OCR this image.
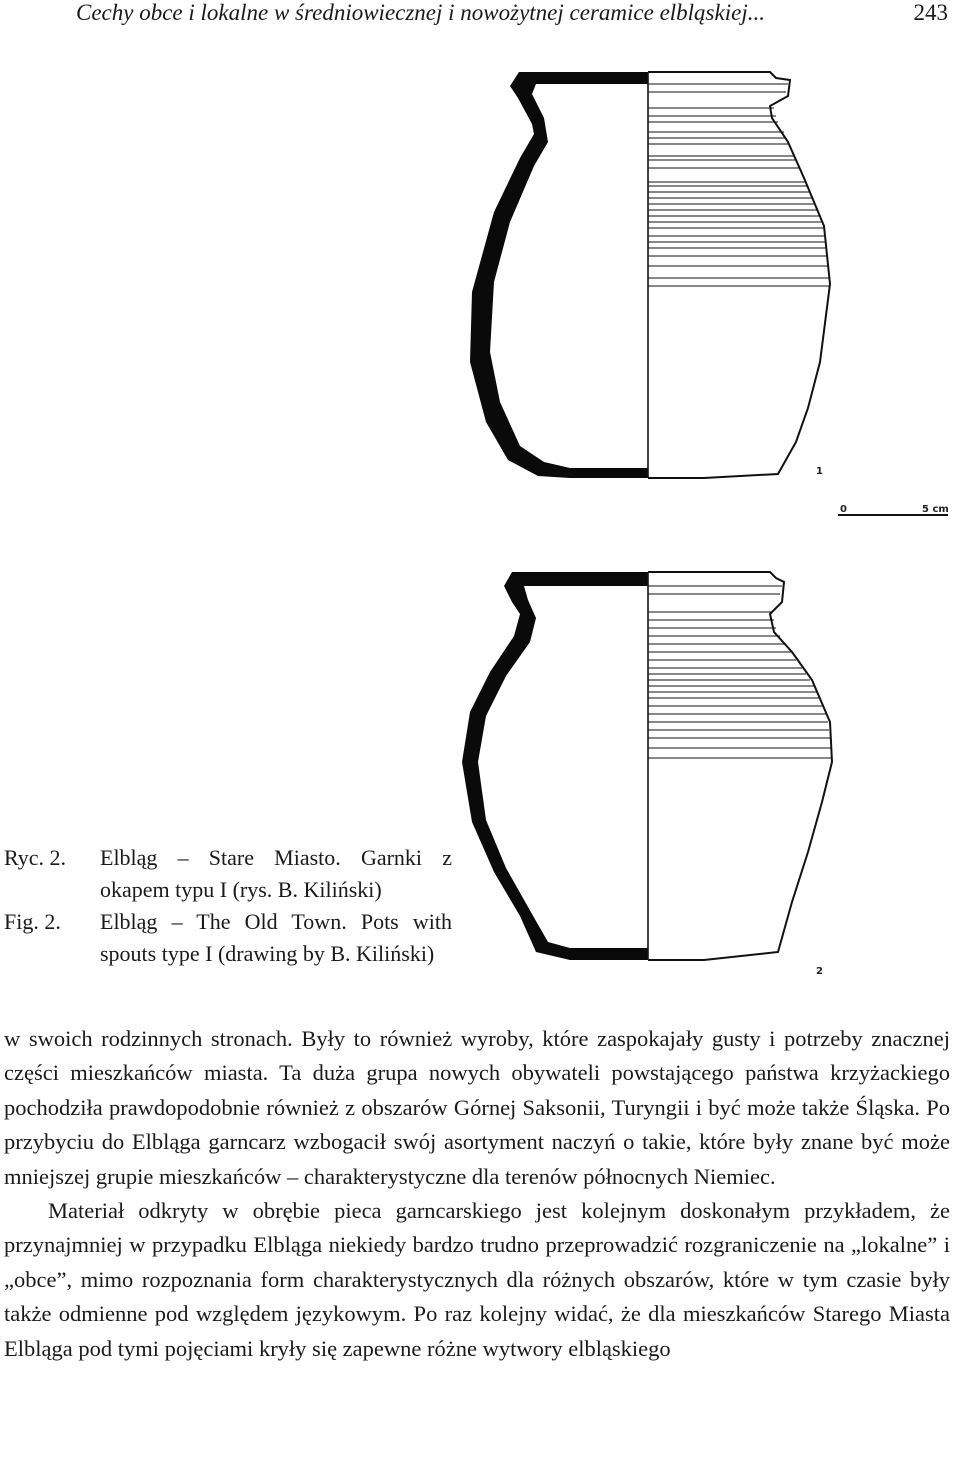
Cechy obce i lokalne w średniowiecznej i nowożytnej ceramice elbląskiej...	243
1
0	5 cm
2
Ryc. 2.	Elbląg – Stare Miasto. Garnki z okapem typu I (rys. B. Kiliński)
Fig. 2.	Elbląg – The Old Town. Pots with spouts type I (drawing by B. Kiliński)

w swoich rodzinnych stronach. Były to również wyroby, które zaspokajały gusty i potrzeby znacznej części mieszkańców miasta. Ta duża grupa nowych obywateli powstającego państwa krzyżackiego pochodziła prawdopodobnie również z obszarów Górnej Saksonii, Turyngii i być może także Śląska. Po przybyciu do Elbląga garncarz wzbogacił swój asortyment naczyń o takie, które były znane być może mniejszej grupie mieszkańców – charakterystyczne dla terenów północnych Niemiec.

Materiał odkryty w obrębie pieca garncarskiego jest kolejnym doskonałym przykładem, że przynajmniej w przypadku Elbląga niekiedy bardzo trudno przeprowadzić rozgraniczenie na „lokalne” i „obce”, mimo rozpoznania form charakterystycznych dla różnych obszarów, które w tym czasie były także odmienne pod względem językowym. Po raz kolejny widać, że dla mieszkańców Starego Miasta Elbląga pod tymi pojęciami kryły się zapewne różne wytwory elbląskiego
